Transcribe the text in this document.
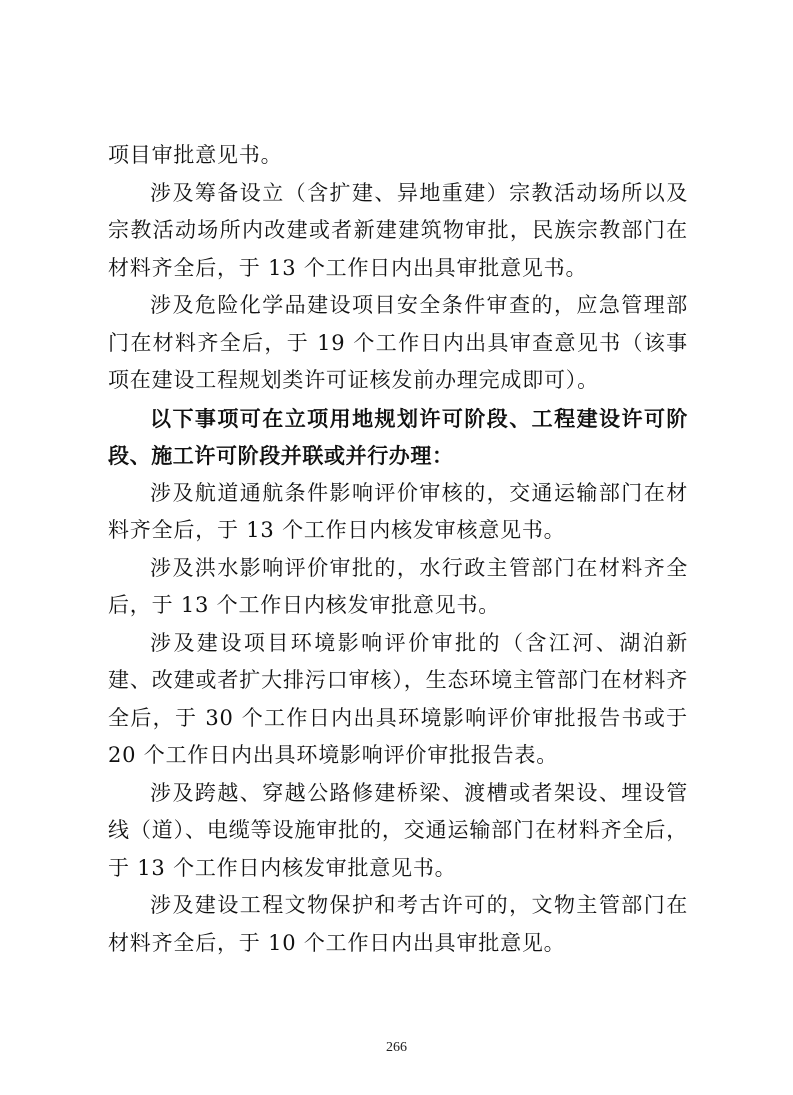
项目审批意见书。

涉及筹备设立（含扩建、异地重建）宗教活动场所以及宗教活动场所内改建或者新建建筑物审批，民族宗教部门在材料齐全后，于 13 个工作日内出具审批意见书。

涉及危险化学品建设项目安全条件审查的，应急管理部门在材料齐全后，于 19 个工作日内出具审查意见书（该事项在建设工程规划类许可证核发前办理完成即可）。

以下事项可在立项用地规划许可阶段、工程建设许可阶段、施工许可阶段并联或并行办理：

涉及航道通航条件影响评价审核的，交通运输部门在材料齐全后，于 13 个工作日内核发审核意见书。

涉及洪水影响评价审批的，水行政主管部门在材料齐全后，于 13 个工作日内核发审批意见书。

涉及建设项目环境影响评价审批的（含江河、湖泊新建、改建或者扩大排污口审核），生态环境主管部门在材料齐全后，于 30 个工作日内出具环境影响评价审批报告书或于 20 个工作日内出具环境影响评价审批报告表。

涉及跨越、穿越公路修建桥梁、渡槽或者架设、埋设管线（道）、电缆等设施审批的，交通运输部门在材料齐全后，于 13 个工作日内核发审批意见书。

涉及建设工程文物保护和考古许可的，文物主管部门在材料齐全后，于 10 个工作日内出具审批意见。

266
